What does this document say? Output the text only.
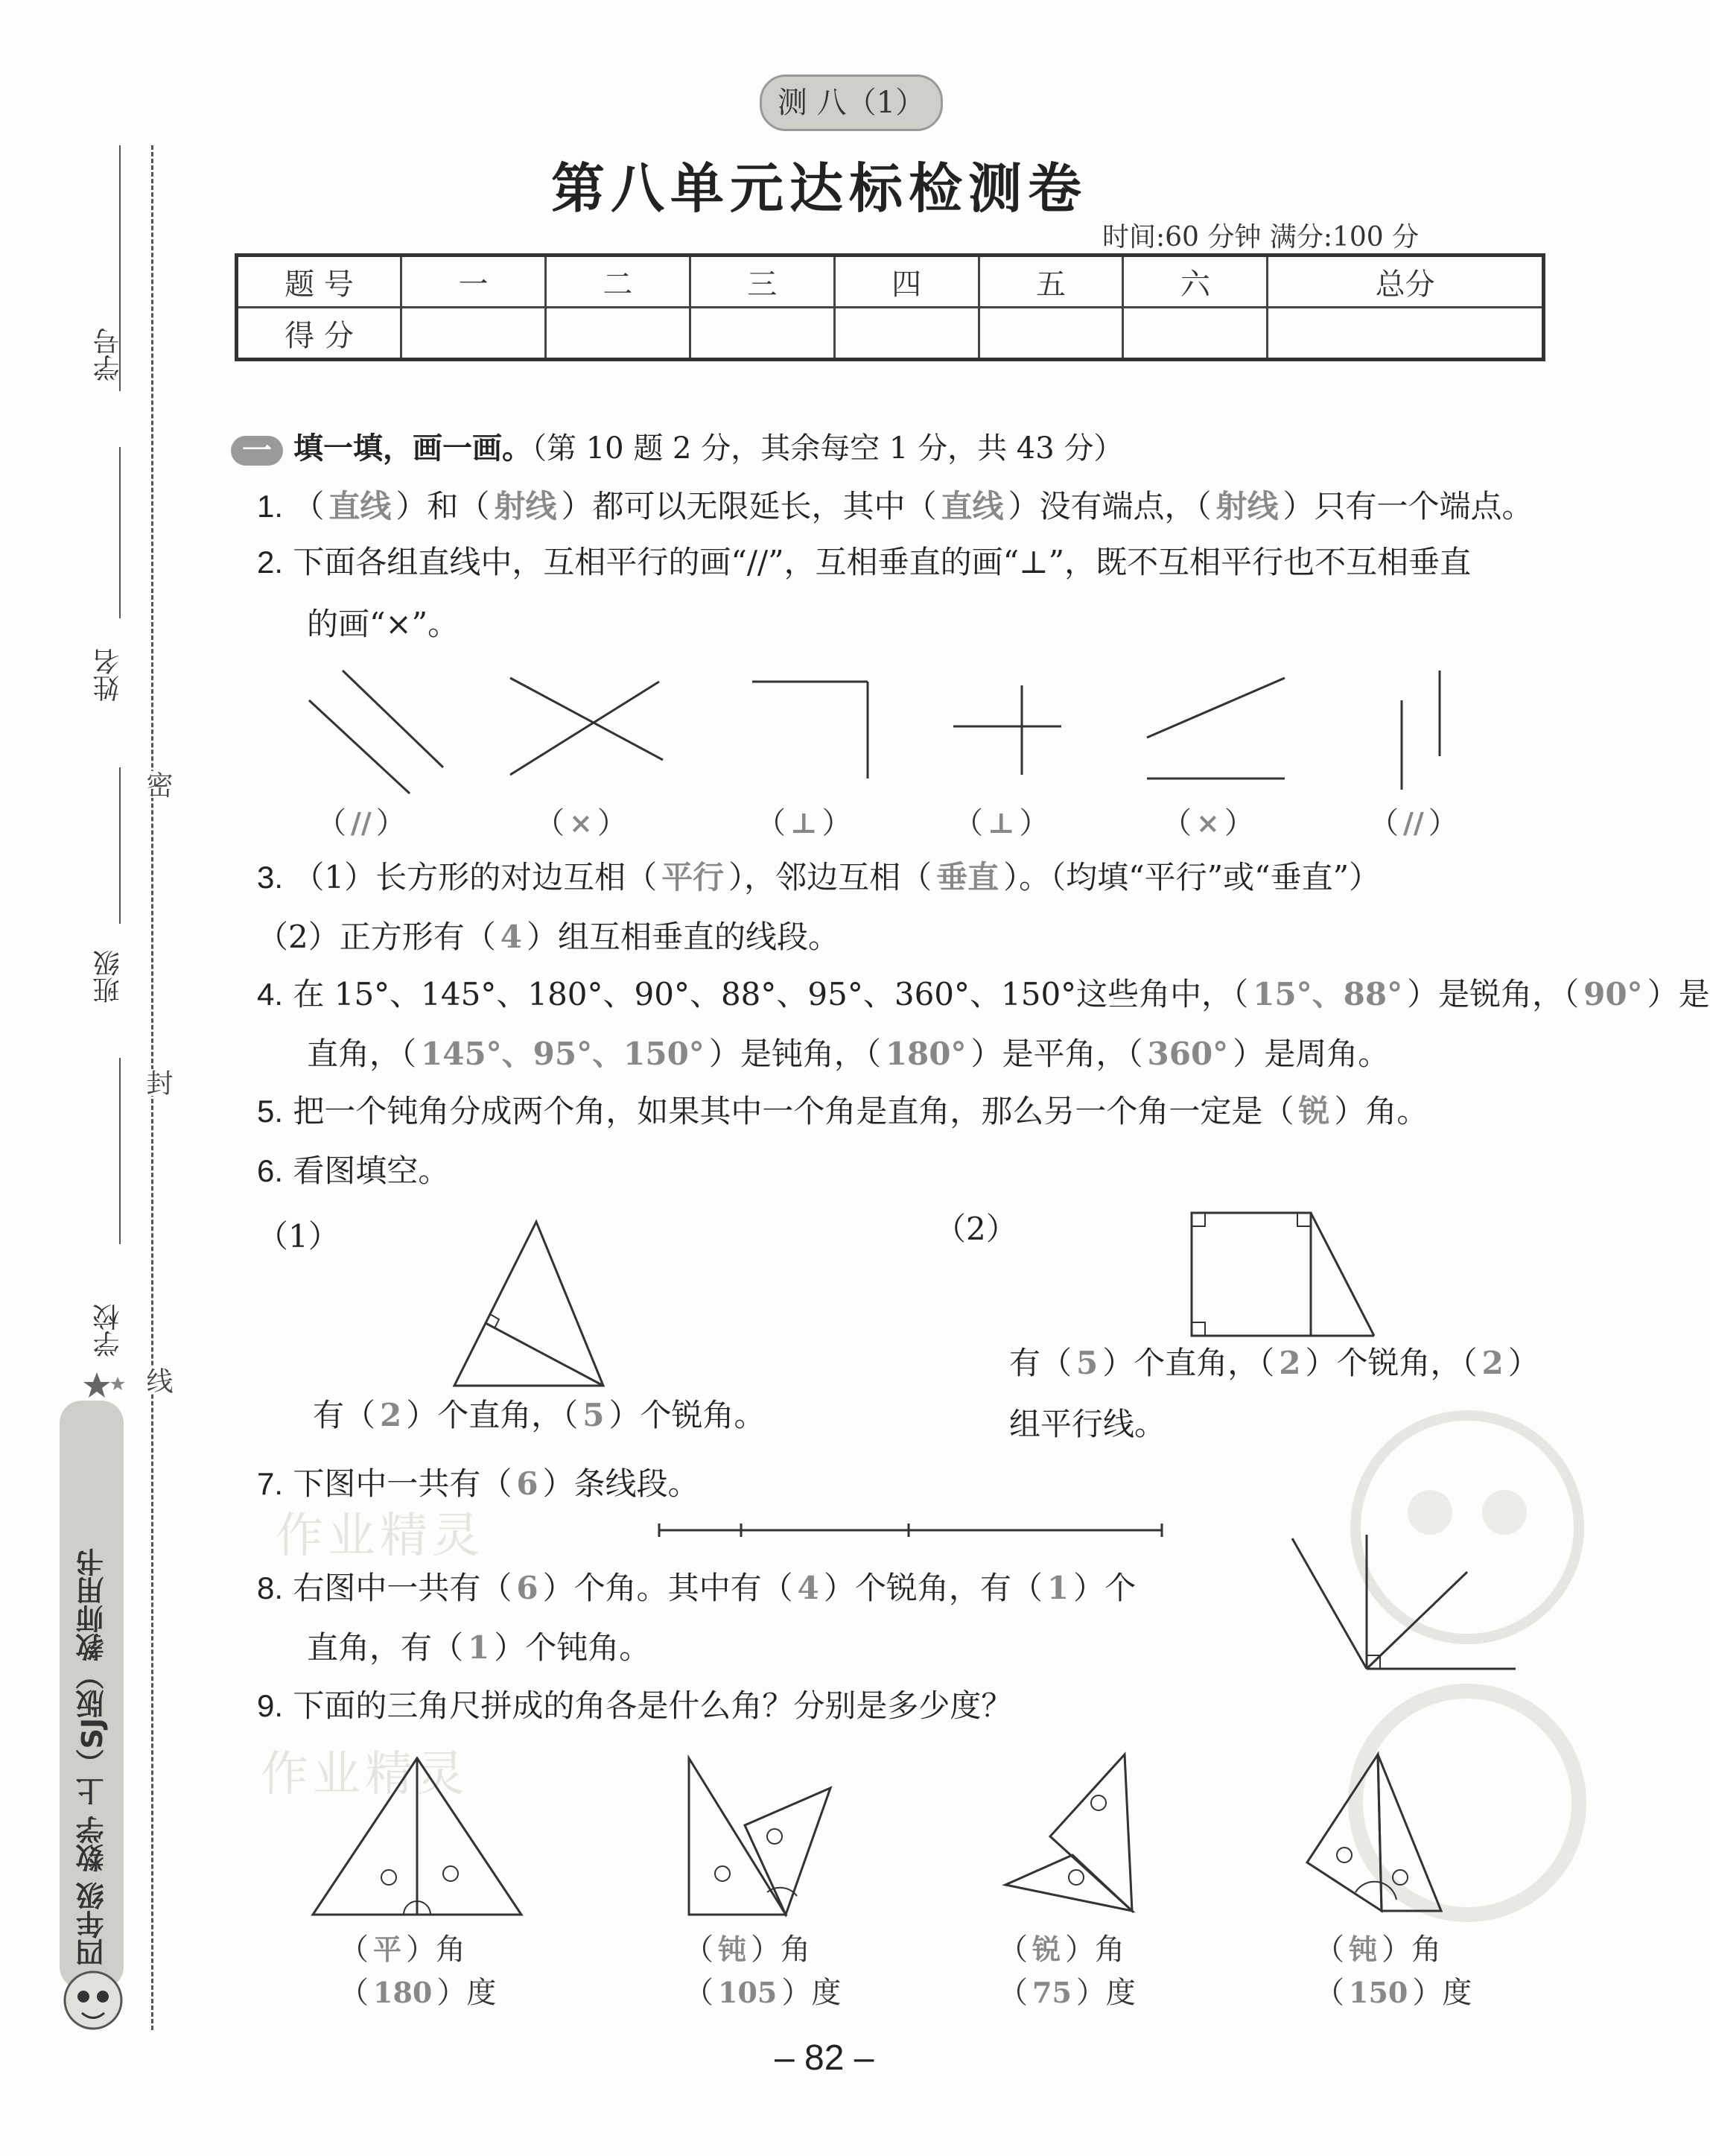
学号
姓名
班级
学校
密
封
线
四年级 数学 上（SJ版）教师用书
测 八（1）
第八单元达标检测卷
时间:60 分钟 满分:100 分
题 号	一	二	三	四	五	六	总分
得 分							
一 填一填，画一画。（第 10 题 2 分，其余每空 1 分，共 43 分）
1. （ 直线 ）和（ 射线 ）都可以无限延长，其中（ 直线 ）没有端点，（ 射线 ）只有一个端点。
2. 下面各组直线中，互相平行的画“//”，互相垂直的画“⊥”，既不互相平行也不互相垂直
的画“×”。
（ // ）	（ × ）	（ ⊥ ）	（ ⊥ ）	（ × ）	（ // ）
3. （1）长方形的对边互相（ 平行 ），邻边互相（ 垂直 ）。（均填“平行”或“垂直”）
（2）正方形有（ 4 ）组互相垂直的线段。
4. 在 15°、145°、180°、90°、88°、95°、360°、150°这些角中，（ 15°、88° ）是锐角，（ 90° ）是
直角，（ 145°、95°、150° ）是钝角，（ 180° ）是平角，（ 360° ）是周角。
5. 把一个钝角分成两个角，如果其中一个角是直角，那么另一个角一定是（ 锐 ）角。
6. 看图填空。
（1）	（2）
有（ 2 ）个直角，（ 5 ）个锐角。
有（ 5 ）个直角，（ 2 ）个锐角，（ 2 ）
组平行线。
作业精灵
作业精灵
7. 下图中一共有（ 6 ）条线段。
8. 右图中一共有（ 6 ）个角。其中有（ 4 ）个锐角，有（ 1 ）个
直角，有（ 1 ）个钝角。
9. 下面的三角尺拼成的角各是什么角？分别是多少度？
（ 平 ）角
（ 180 ）度
（ 钝 ）角
（ 105 ）度
（ 锐 ）角
（ 75 ）度
（ 钝 ）角
（ 150 ）度
– 82 –
